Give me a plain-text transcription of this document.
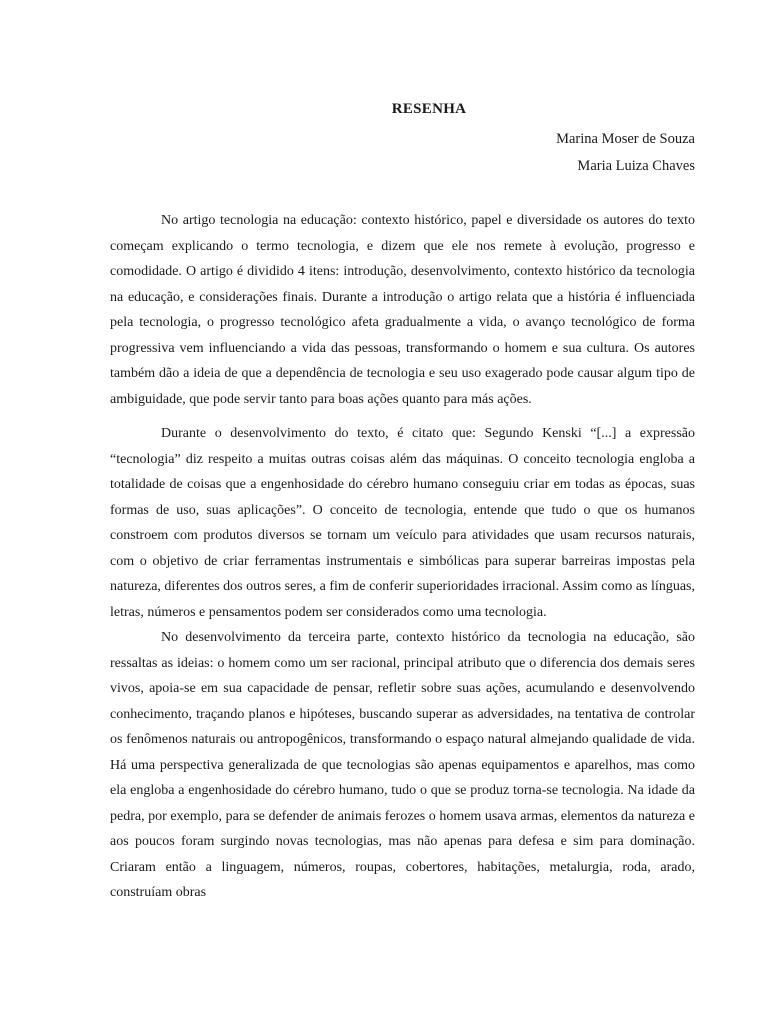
RESENHA
Marina Moser de Souza
Maria Luiza Chaves

No artigo tecnologia na educação: contexto histórico, papel e diversidade os autores do texto começam explicando o termo tecnologia, e dizem que ele nos remete à evolução, progresso e comodidade. O artigo é dividido 4 itens: introdução, desenvolvimento, contexto histórico da tecnologia na educação, e considerações finais. Durante a introdução o artigo relata que a história é influenciada pela tecnologia, o progresso tecnológico afeta gradualmente a vida, o avanço tecnológico de forma progressiva vem influenciando a vida das pessoas, transformando o homem e sua cultura. Os autores também dão a ideia de que a dependência de tecnologia e seu uso exagerado pode causar algum tipo de ambiguidade, que pode servir tanto para boas ações quanto para más ações.

Durante o desenvolvimento do texto, é citato que: Segundo Kenski “[...] a expressão “tecnologia” diz respeito a muitas outras coisas além das máquinas. O conceito tecnologia engloba a totalidade de coisas que a engenhosidade do cérebro humano conseguiu criar em todas as épocas, suas formas de uso, suas aplicações”. O conceito de tecnologia, entende que tudo o que os humanos constroem com produtos diversos se tornam um veículo para atividades que usam recursos naturais, com o objetivo de criar ferramentas instrumentais e simbólicas para superar barreiras impostas pela natureza, diferentes dos outros seres, a fim de conferir superioridades irracional. Assim como as línguas, letras, números e pensamentos podem ser considerados como uma tecnologia.

No desenvolvimento da terceira parte, contexto histórico da tecnologia na educação, são ressaltas as ideias: o homem como um ser racional, principal atributo que o diferencia dos demais seres vivos, apoia-se em sua capacidade de pensar, refletir sobre suas ações, acumulando e desenvolvendo conhecimento, traçando planos e hipóteses, buscando superar as adversidades, na tentativa de controlar os fenômenos naturais ou antropogênicos, transformando o espaço natural almejando qualidade de vida. Há uma perspectiva generalizada de que tecnologias são apenas equipamentos e aparelhos, mas como ela engloba a engenhosidade do cérebro humano, tudo o que se produz torna-se tecnologia. Na idade da pedra, por exemplo, para se defender de animais ferozes o homem usava armas, elementos da natureza e aos poucos foram surgindo novas tecnologias, mas não apenas para defesa e sim para dominação. Criaram então a linguagem, números, roupas, cobertores, habitações, metalurgia, roda, arado, construíam obras
